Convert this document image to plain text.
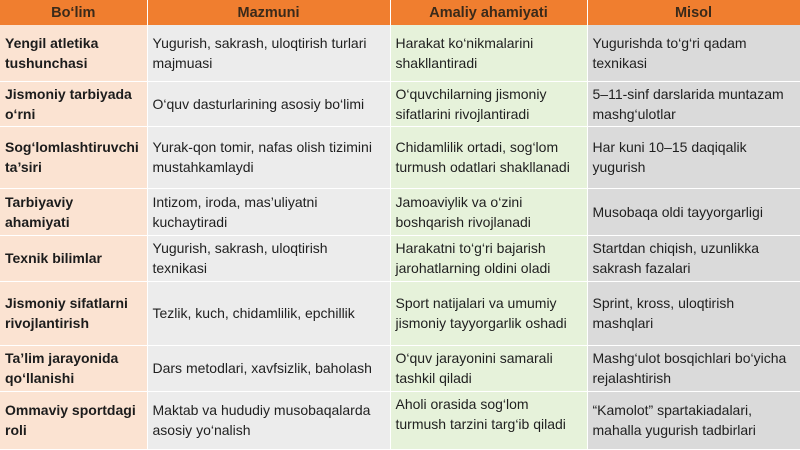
Bo‘lim	Mazmuni	Amaliy ahamiyati	Misol
Yengil atletika tushunchasi	Yugurish, sakrash, uloqtirish turlari majmuasi	Harakat ko‘nikmalarini shakllantiradi	Yugurishda to‘g‘ri qadam texnikasi
Jismoniy tarbiyada o‘rni	O‘quv dasturlarining asosiy bo‘limi	O‘quvchilarning jismoniy sifatlarini rivojlantiradi	5–11-sinf darslarida muntazam mashg‘ulotlar
Sog‘lomlashtiruvchi ta’siri	Yurak-qon tomir, nafas olish tizimini mustahkamlaydi	Chidamlilik ortadi, sog‘lom turmush odatlari shakllanadi	Har kuni 10–15 daqiqalik yugurish
Tarbiyaviy ahamiyati	Intizom, iroda, mas’uliyatni kuchaytiradi	Jamoaviylik va o‘zini boshqarish rivojlanadi	Musobaqa oldi tayyorgarligi
Texnik bilimlar	Yugurish, sakrash, uloqtirish texnikasi	Harakatni to‘g‘ri bajarish jarohatlarning oldini oladi	Startdan chiqish, uzunlikka sakrash fazalari
Jismoniy sifatlarni rivojlantirish	Tezlik, kuch, chidamlilik, epchillik	Sport natijalari va umumiy jismoniy tayyorgarlik oshadi	Sprint, kross, uloqtirish mashqlari
Ta’lim jarayonida qo‘llanishi	Dars metodlari, xavfsizlik, baholash	O‘quv jarayonini samarali tashkil qiladi	Mashg‘ulot bosqichlari bo‘yicha rejalashtirish
Ommaviy sportdagi roli	Maktab va hududiy musobaqalarda asosiy yo‘nalish	Aholi orasida sog‘lom turmush tarzini targ‘ib qiladi	“Kamolot” spartakiadalari, mahalla yugurish tadbirlari
